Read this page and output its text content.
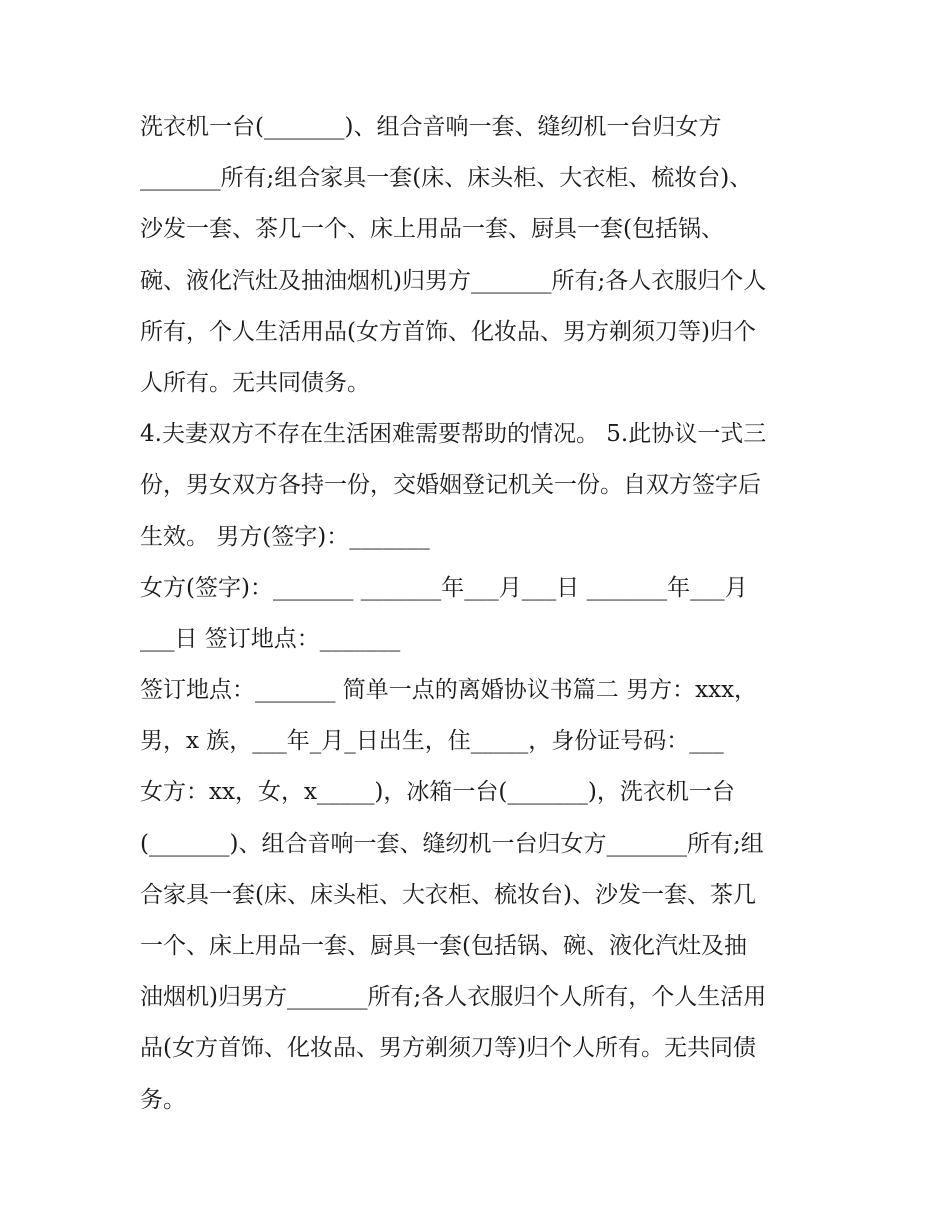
洗衣机一台(_______)、组合音响一套、缝纫机一台归女方
_______所有;组合家具一套(床、床头柜、大衣柜、梳妆台)、
沙发一套、茶几一个、床上用品一套、厨具一套(包括锅、
碗、液化汽灶及抽油烟机)归男方_______所有;各人衣服归个人
所有，个人生活用品(女方首饰、化妆品、男方剃须刀等)归个
人所有。无共同债务。
4.夫妻双方不存在生活困难需要帮助的情况。 5.此协议一式三
份，男女双方各持一份，交婚姻登记机关一份。自双方签字后
生效。 男方(签字)：_______
女方(签字)：_______ _______年___月___日 _______年___月
___日 签订地点：_______
签订地点：_______ 简单一点的离婚协议书篇二 男方：xxx，
男，x 族，___年_月_日出生，住_____，身份证号码：___
女方：xx，女，x_____)，冰箱一台(_______)，洗衣机一台
(_______)、组合音响一套、缝纫机一台归女方_______所有;组
合家具一套(床、床头柜、大衣柜、梳妆台)、沙发一套、茶几
一个、床上用品一套、厨具一套(包括锅、碗、液化汽灶及抽
油烟机)归男方_______所有;各人衣服归个人所有，个人生活用
品(女方首饰、化妆品、男方剃须刀等)归个人所有。无共同债
务。
